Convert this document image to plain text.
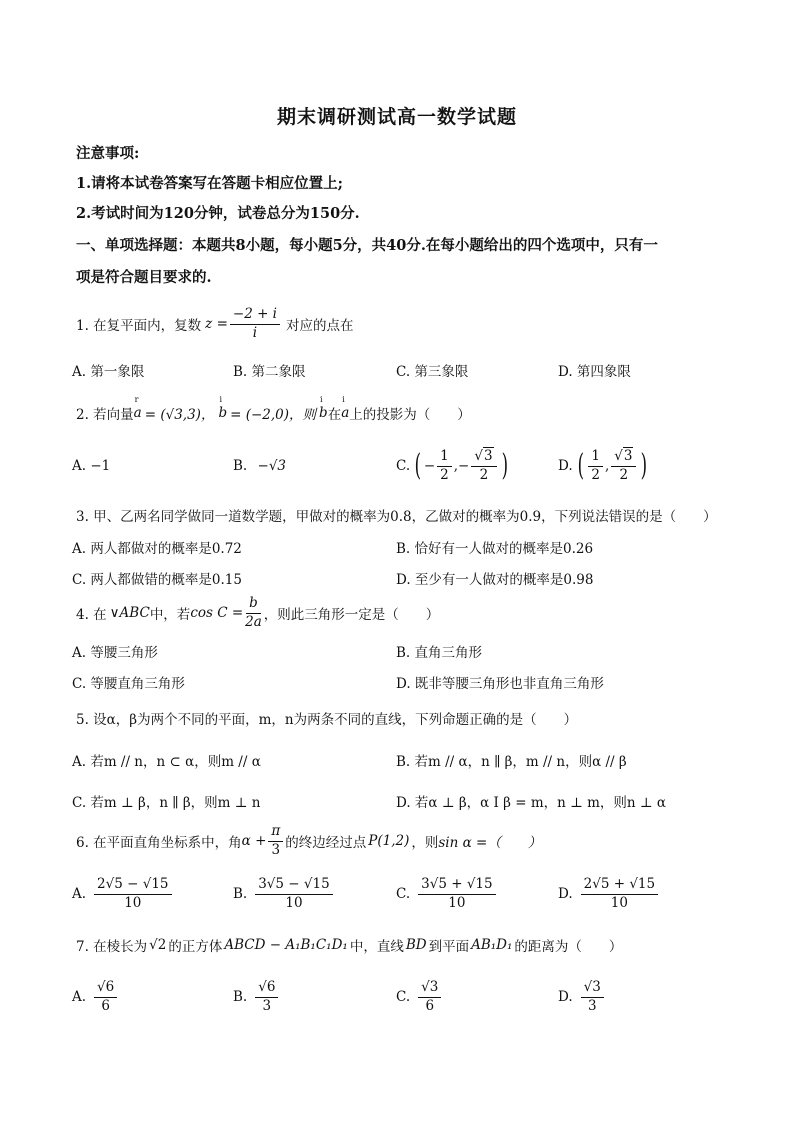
期末调研测试高一数学试题
注意事项:
1.请将本试卷答案写在答题卡相应位置上;
2.考试时间为120分钟，试卷总分为150分.
一、单项选择题：本题共8小题，每小题5分，共40分.在每小题给出的四个选项中，只有一
项是符合题目要求的.
1. 在复平面内，复数 $z = \frac{-2 + i}{i}$ 对应的点在
A. 第一象限	B. 第二象限	C. 第三象限	D. 第四象限
2. 若向量
r
a = (√3,3)，
i
b = (−2,0)，则
i
b 在
i
a 上的投影为（　　）
A. −1	B. −√3	C. ( − $\frac{1}{2}$ ,− $\frac{√3}{2}$ )	D. ( $\frac{1}{2}$ , $\frac{√3}{2}$ )
3. 甲、乙两名同学做同一道数学题，甲做对的概率为0.8，乙做对的概率为0.9，下列说法错误的是（　　）
A. 两人都做对的概率是0.72	B. 恰好有一人做对的概率是0.26
C. 两人都做错的概率是0.15	D. 至少有一人做对的概率是0.98
4. 在 ∨ABC 中，若 $\cos C = \frac{b}{2a}$ ，则此三角形一定是（　　）
A. 等腰三角形	B. 直角三角形
C. 等腰直角三角形	D. 既非等腰三角形也非直角三角形
5. 设α，β为两个不同的平面，m，n为两条不同的直线，下列命题正确的是（　　）
A. 若m // n，n ⊂ α，则m // α	B. 若m // α，n ∥ β，m // n，则α // β
C. 若m ⊥ β，n ∥ β，则m ⊥ n	D. 若α ⊥ β，α I β = m，n ⊥ m，则n ⊥ α
6. 在平面直角坐标系中，角 $\alpha + \frac{\pi}{3}$ 的终边经过点 P(1,2) ，则 sin α =（　　）
A. $\frac{2√5 - √15}{10}$	B. $\frac{3√5 - √15}{10}$	C. $\frac{3√5 + √15}{10}$	D. $\frac{2√5 + √15}{10}$
7. 在棱长为 √2 的正方体 ABCD − A₁B₁C₁D₁ 中，直线 BD 到平面 AB₁D₁ 的距离为（　　）
A. $\frac{√6}{6}$	B. $\frac{√6}{3}$	C. $\frac{√3}{6}$	D. $\frac{√3}{3}$
